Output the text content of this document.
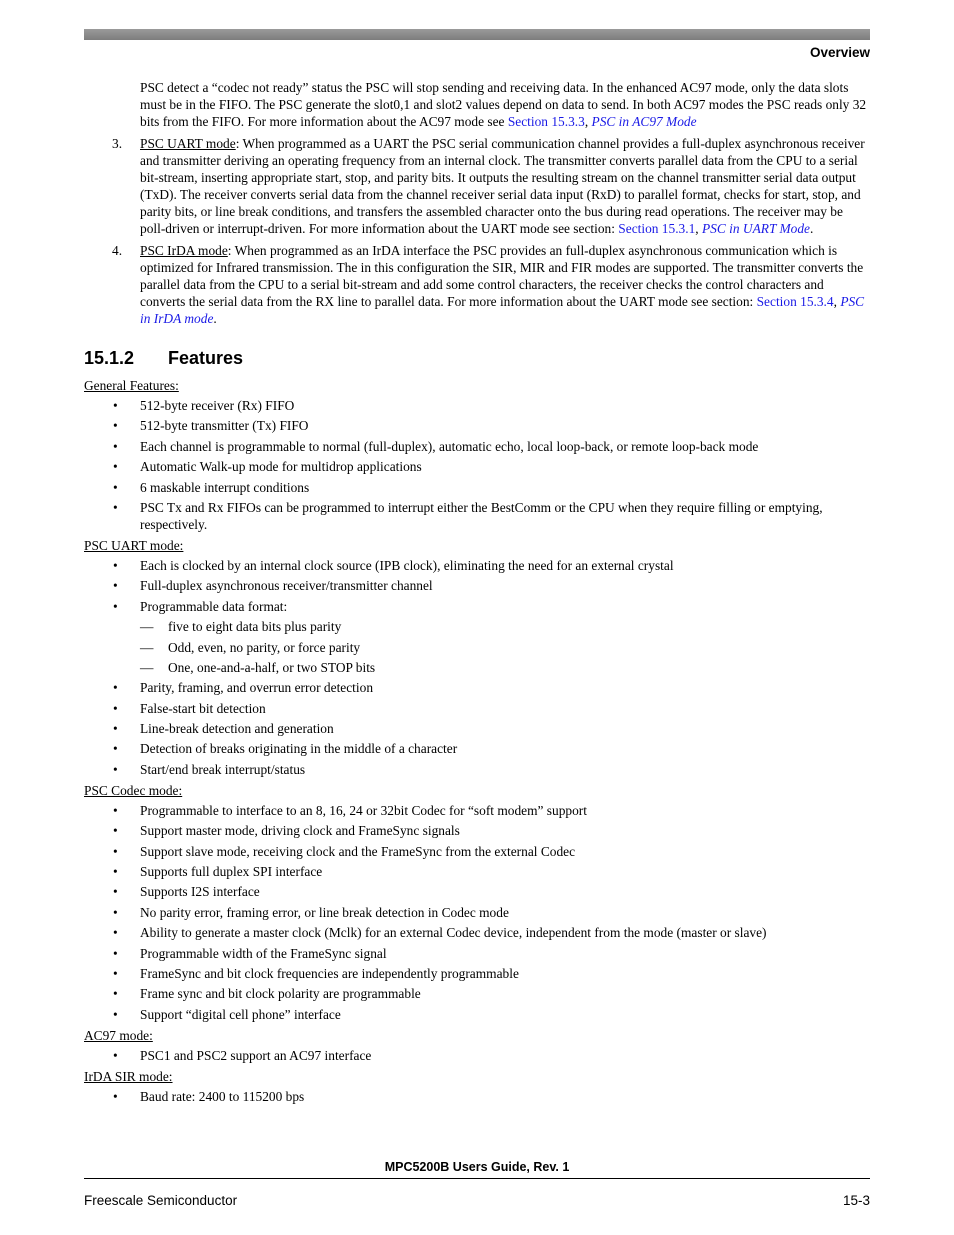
Overview

PSC detect a “codec not ready” status the PSC will stop sending and receiving data. In the enhanced AC97 mode, only the data slots must be in the FIFO. The PSC generate the slot0,1 and slot2 values depend on data to send. In both AC97 modes the PSC reads only 32 bits from the FIFO. For more information about the AC97 mode see Section 15.3.3, PSC in AC97 Mode

3. PSC UART mode: When programmed as a UART the PSC serial communication channel provides a full-duplex asynchronous receiver and transmitter deriving an operating frequency from an internal clock. The transmitter converts parallel data from the CPU to a serial bit-stream, inserting appropriate start, stop, and parity bits. It outputs the resulting stream on the channel transmitter serial data output (TxD). The receiver converts serial data from the channel receiver serial data input (RxD) to parallel format, checks for start, stop, and parity bits, or line break conditions, and transfers the assembled character onto the bus during read operations. The receiver may be poll-driven or interrupt-driven. For more information about the UART mode see section: Section 15.3.1, PSC in UART Mode.
4. PSC IrDA mode: When programmed as an IrDA interface the PSC provides an full-duplex asynchronous communication which is optimized for Infrared transmission. The in this configuration the SIR, MIR and FIR modes are supported. The transmitter converts the parallel data from the CPU to a serial bit-stream and add some control characters, the receiver checks the control characters and converts the serial data from the RX line to parallel data. For more information about the UART mode see section: Section 15.3.4, PSC in IrDA mode.
15.1.2 Features
General Features:
• 512-byte receiver (Rx) FIFO
• 512-byte transmitter (Tx) FIFO
• Each channel is programmable to normal (full-duplex), automatic echo, local loop-back, or remote loop-back mode
• Automatic Walk-up mode for multidrop applications
• 6 maskable interrupt conditions
• PSC Tx and Rx FIFOs can be programmed to interrupt either the BestComm or the CPU when they require filling or emptying, respectively.
PSC UART mode:
• Each is clocked by an internal clock source (IPB clock), eliminating the need for an external crystal
• Full-duplex asynchronous receiver/transmitter channel
• Programmable data format:
— five to eight data bits plus parity
— Odd, even, no parity, or force parity
— One, one-and-a-half, or two STOP bits
• Parity, framing, and overrun error detection
• False-start bit detection
• Line-break detection and generation
• Detection of breaks originating in the middle of a character
• Start/end break interrupt/status
PSC Codec mode:
• Programmable to interface to an 8, 16, 24 or 32bit Codec for “soft modem” support
• Support master mode, driving clock and FrameSync signals
• Support slave mode, receiving clock and the FrameSync from the external Codec
• Supports full duplex SPI interface
• Supports I2S interface
• No parity error, framing error, or line break detection in Codec mode
• Ability to generate a master clock (Mclk) for an external Codec device, independent from the mode (master or slave)
• Programmable width of the FrameSync signal
• FrameSync and bit clock frequencies are independently programmable
• Frame sync and bit clock polarity are programmable
• Support “digital cell phone” interface
AC97 mode:
• PSC1 and PSC2 support an AC97 interface
IrDA SIR mode:
• Baud rate: 2400 to 115200 bps
MPC5200B Users Guide, Rev. 1
Freescale Semiconductor	15-3
